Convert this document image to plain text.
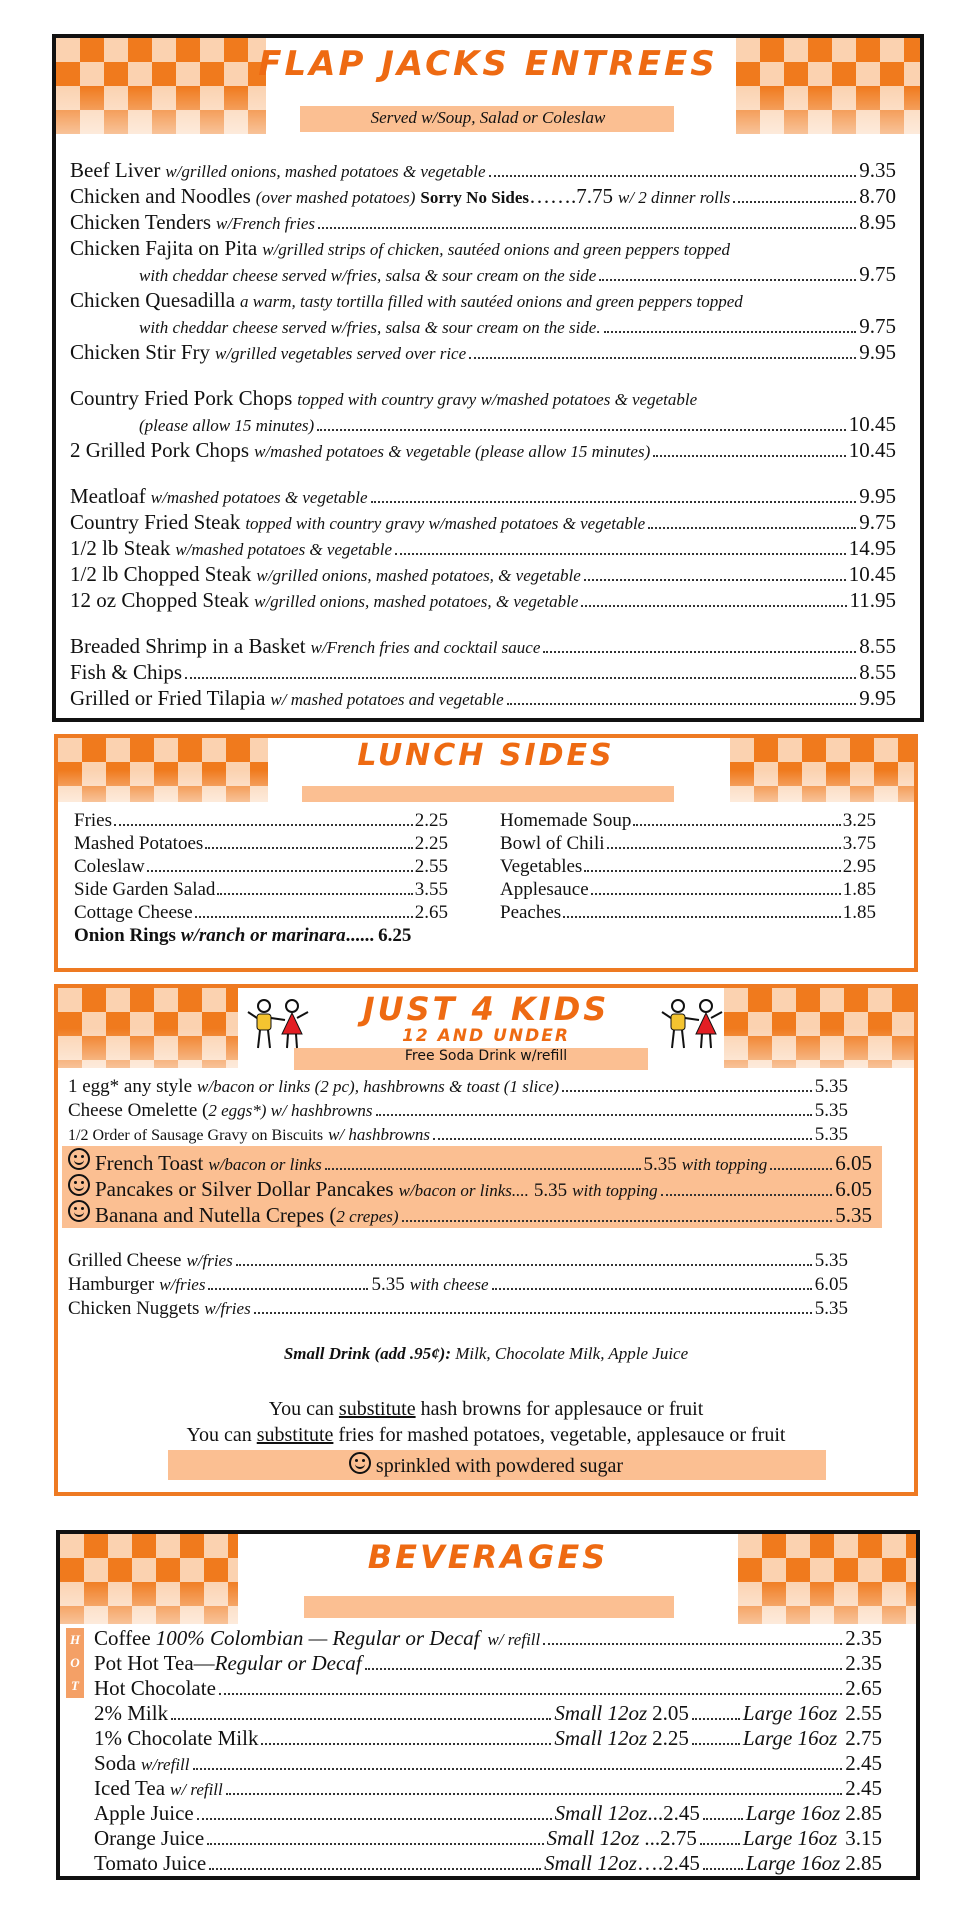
FLAP JACKS ENTREES
Served w/Soup, Salad or Coleslaw
Beef Liver w/grilled onions, mashed potatoes & vegetable	9.35
Chicken and Noodles (over mashed potatoes) Sorry No Sides …….7.75 w/ 2 dinner rolls	8.70
Chicken Tenders w/French fries	8.95
Chicken Fajita on Pita w/grilled strips of chicken, sautéed onions and green peppers topped
with cheddar cheese served w/fries, salsa & sour cream on the side	9.75
Chicken Quesadilla a warm, tasty tortilla filled with sautéed onions and green peppers topped
with cheddar cheese served w/fries, salsa & sour cream on the side.	9.75
Chicken Stir Fry w/grilled vegetables served over rice	9.95
Country Fried Pork Chops topped with country gravy w/mashed potatoes & vegetable
(please allow 15 minutes)	10.45
2 Grilled Pork Chops w/mashed potatoes & vegetable (please allow 15 minutes)	10.45
Meatloaf w/mashed potatoes & vegetable	9.95
Country Fried Steak topped with country gravy w/mashed potatoes & vegetable	9.75
1/2 lb Steak w/mashed potatoes & vegetable	14.95
1/2 lb Chopped Steak w/grilled onions, mashed potatoes, & vegetable	10.45
12 oz Chopped Steak w/grilled onions, mashed potatoes, & vegetable	11.95
Breaded Shrimp in a Basket w/French fries and cocktail sauce	8.55
Fish & Chips	8.55
Grilled or Fried Tilapia w/ mashed potatoes and vegetable	9.95
LUNCH SIDES
Fries	2.25
Mashed Potatoes	2.25
Coleslaw	2.55
Side Garden Salad	3.55
Cottage Cheese	2.65
Onion Rings w/ranch or marinara ...... 6.25
Homemade Soup	3.25
Bowl of Chili	3.75
Vegetables	2.95
Applesauce	1.85
Peaches	1.85
JUST 4 KIDS
12 AND UNDER
Free Soda Drink w/refill
1 egg* any style w/bacon or links (2 pc), hashbrowns & toast (1 slice)	5.35
Cheese Omelette ( 2 eggs*) w/ hashbrowns	5.35
1/2 Order of Sausage Gravy on Biscuits w/ hashbrowns	5.35
French Toast w/bacon or links	5.35 with topping	6.05
Pancakes or Silver Dollar Pancakes w/bacon or links.... 5.35 with topping	6.05
Banana and Nutella Crepes ( 2 crepes)	5.35
Grilled Cheese w/fries	5.35
Hamburger w/fries	5.35 with cheese	6.05
Chicken Nuggets w/fries	5.35
Small Drink (add .95¢): Milk, Chocolate Milk, Apple Juice
You can substitute hash browns for applesauce or fruit
You can substitute fries for mashed potatoes, vegetable, applesauce or fruit
sprinkled with powdered sugar
BEVERAGES
HOT
Coffee 100% Colombian — Regular or Decaf w/ refill	2.35
Pot Hot Tea— Regular or Decaf	2.35
Hot Chocolate	2.65
2% Milk	Small 12oz 2.05	Large 16oz 2.55
1% Chocolate Milk	Small 12oz 2.25	Large 16oz 2.75
Soda w/refill	2.45
Iced Tea w/ refill	2.45
Apple Juice	Small 12oz ...2.45 Large 16oz 2.85
Orange Juice	Small 12oz ...2.75 Large 16oz 3.15
Tomato Juice	Small 12oz ….2.45 Large 16oz 2.85
